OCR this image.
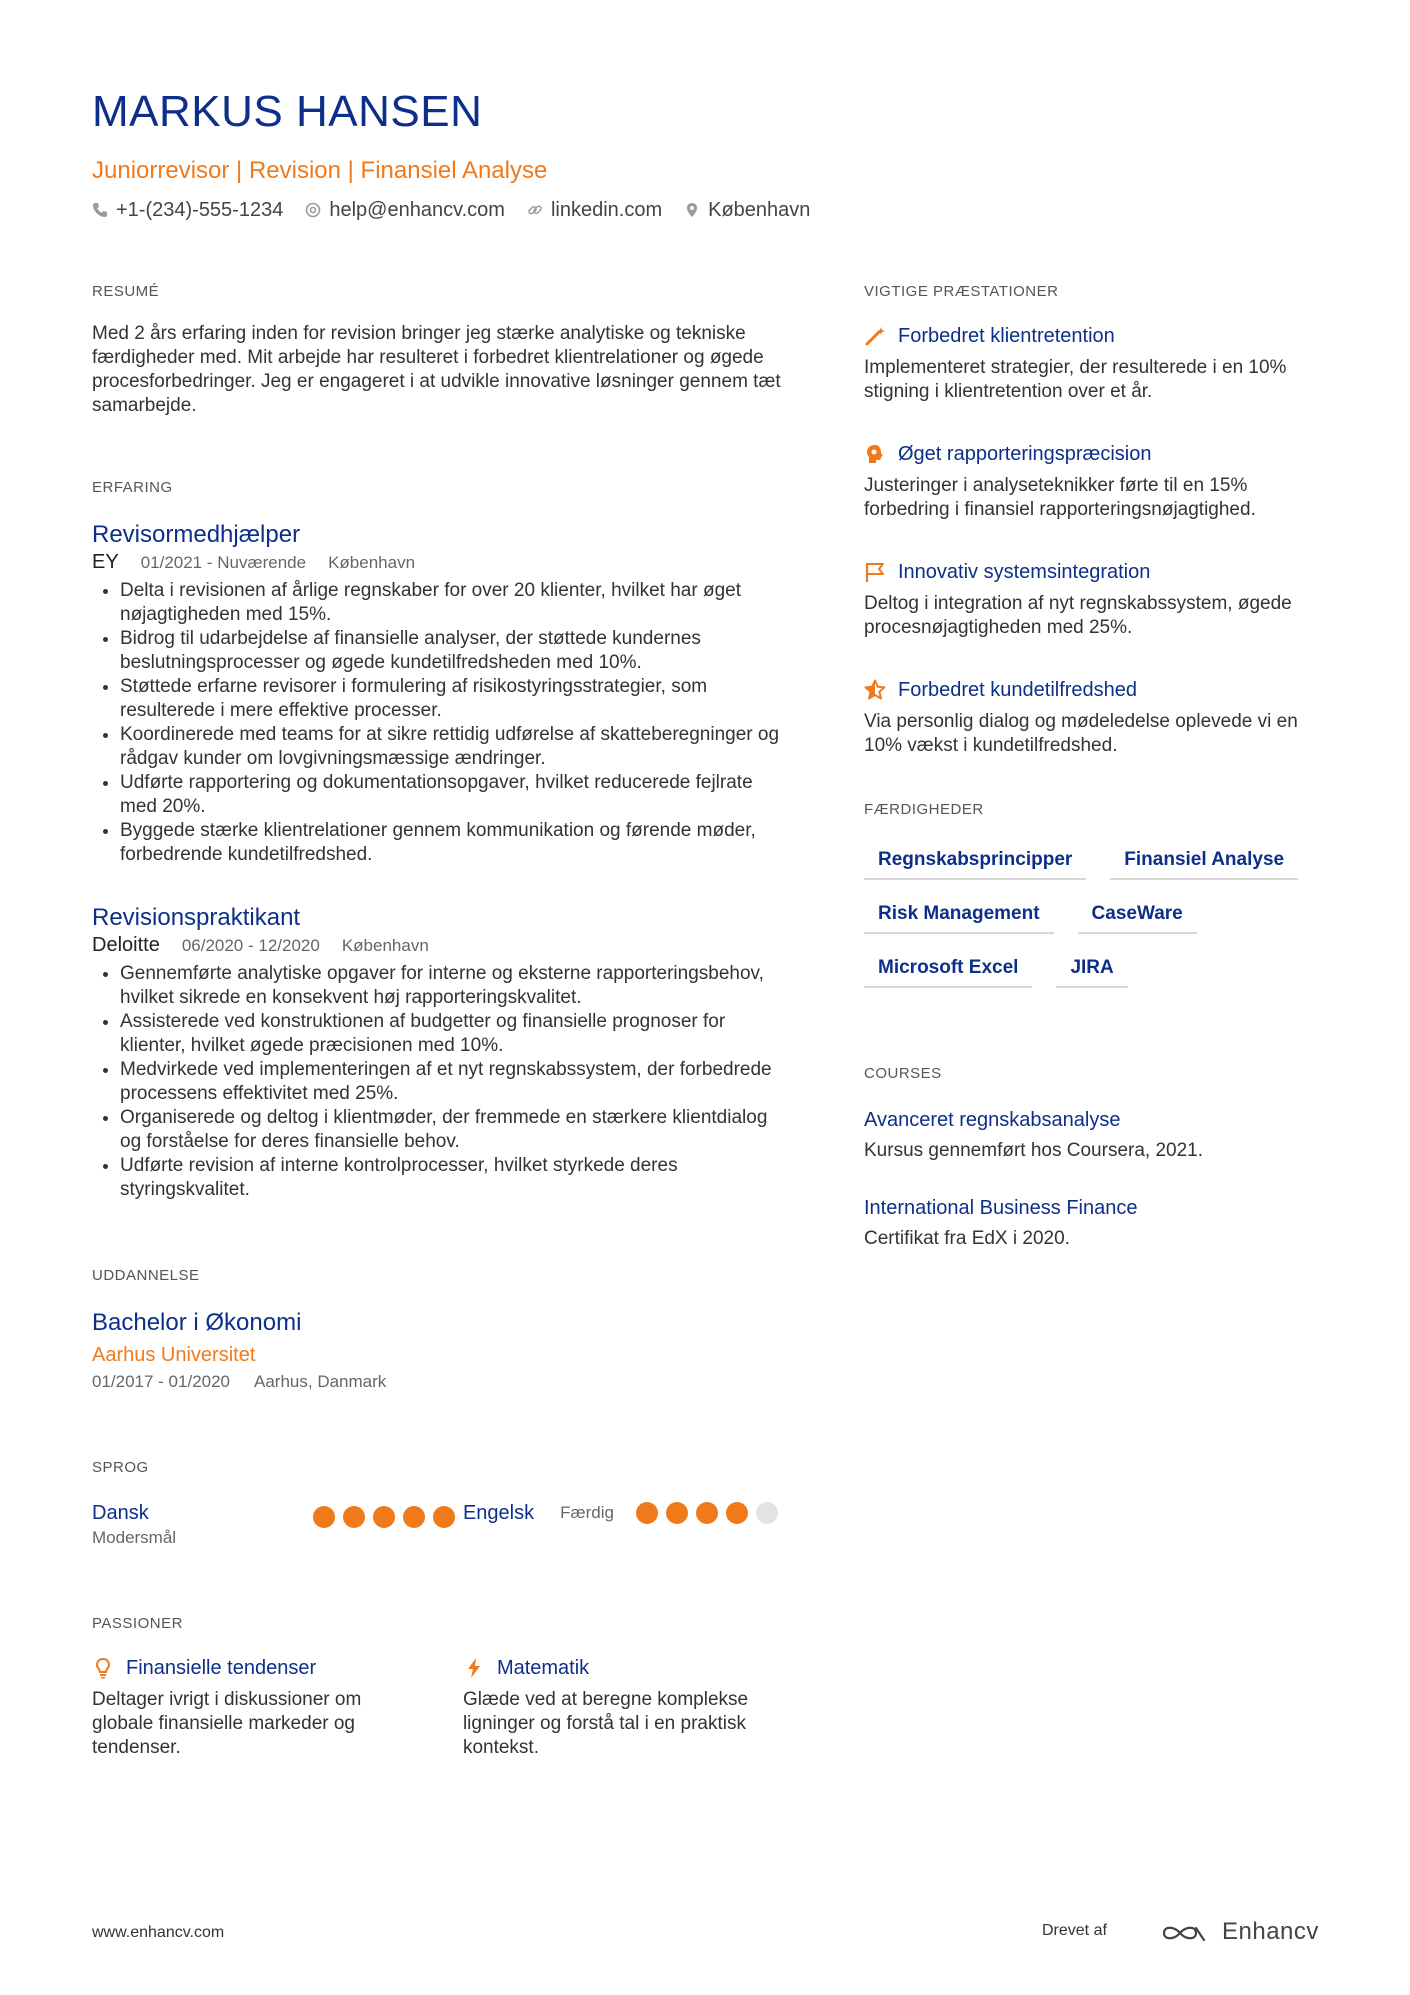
MARKUS HANSEN
Juniorrevisor | Revision | Finansiel Analyse
+1-(234)-555-1234 help@enhancv.com linkedin.com København
RESUMÉ
Med 2 års erfaring inden for revision bringer jeg stærke analytiske og tekniske færdigheder med. Mit arbejde har resulteret i forbedret klientrelationer og øgede procesforbedringer. Jeg er engageret i at udvikle innovative løsninger gennem tæt samarbejde.
ERFARING
Revisormedhjælper
EY 01/2021 - Nuværende København
• Delta i revisionen af årlige regnskaber for over 20 klienter, hvilket har øget nøjagtigheden med 15%.
• Bidrog til udarbejdelse af finansielle analyser, der støttede kundernes beslutningsprocesser og øgede kundetilfredsheden med 10%.
• Støttede erfarne revisorer i formulering af risikostyringsstrategier, som resulterede i mere effektive processer.
• Koordinerede med teams for at sikre rettidig udførelse af skatteberegninger og rådgav kunder om lovgivningsmæssige ændringer.
• Udførte rapportering og dokumentationsopgaver, hvilket reducerede fejlrate med 20%.
• Byggede stærke klientrelationer gennem kommunikation og førende møder, forbedrende kundetilfredshed.
Revisionspraktikant
Deloitte 06/2020 - 12/2020 København
• Gennemførte analytiske opgaver for interne og eksterne rapporteringsbehov, hvilket sikrede en konsekvent høj rapporteringskvalitet.
• Assisterede ved konstruktionen af budgetter og finansielle prognoser for klienter, hvilket øgede præcisionen med 10%.
• Medvirkede ved implementeringen af et nyt regnskabssystem, der forbedrede processens effektivitet med 25%.
• Organiserede og deltog i klientmøder, der fremmede en stærkere klientdialog og forståelse for deres finansielle behov.
• Udførte revision af interne kontrolprocesser, hvilket styrkede deres styringskvalitet.
UDDANNELSE
Bachelor i Økonomi
Aarhus Universitet
01/2017 - 01/2020 Aarhus, Danmark
SPROG
Dansk
Modersmål
Engelsk Færdig
PASSIONER
Finansielle tendenser
Deltager ivrigt i diskussioner om globale finansielle markeder og tendenser.
Matematik
Glæde ved at beregne komplekse ligninger og forstå tal i en praktisk kontekst.
VIGTIGE PRÆSTATIONER
Forbedret klientretention
Implementeret strategier, der resulterede i en 10% stigning i klientretention over et år.
Øget rapporteringspræcision
Justeringer i analyseteknikker førte til en 15% forbedring i finansiel rapporteringsnøjagtighed.
Innovativ systemsintegration
Deltog i integration af nyt regnskabssystem, øgede procesnøjagtigheden med 25%.
Forbedret kundetilfredshed
Via personlig dialog og mødeledelse oplevede vi en 10% vækst i kundetilfredshed.
FÆRDIGHEDER
Regnskabsprincipper	Finansiel Analyse
Risk Management	CaseWare
Microsoft Excel	JIRA
COURSES
Avanceret regnskabsanalyse
Kursus gennemført hos Coursera, 2021.
International Business Finance
Certifikat fra EdX i 2020.
www.enhancv.com	Drevet af	Enhancv
